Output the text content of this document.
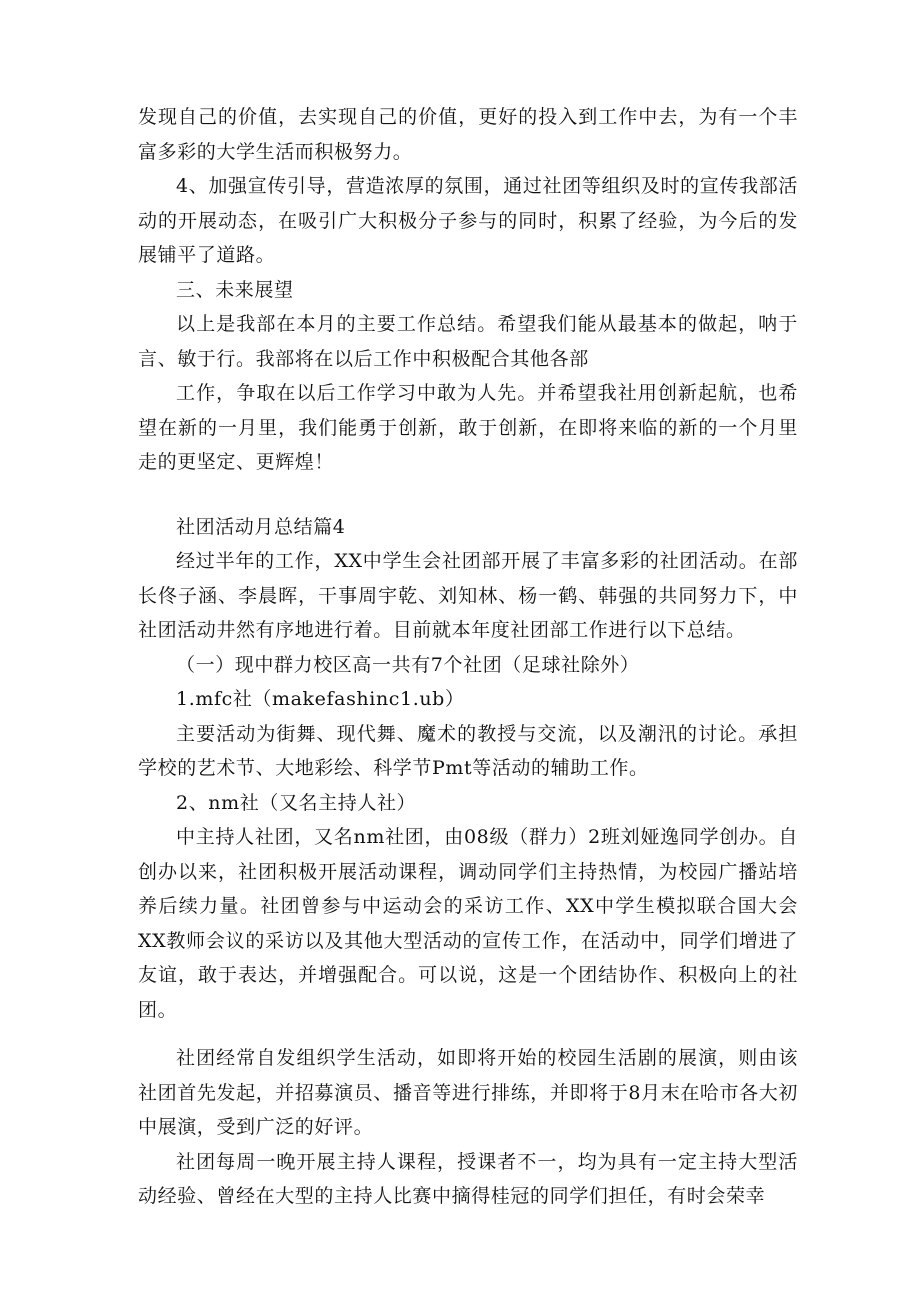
发现自己的价值，去实现自己的价值，更好的投入到工作中去，为有一个丰富多彩的大学生活而积极努力。

4、加强宣传引导，营造浓厚的氛围，通过社团等组织及时的宣传我部活动的开展动态，在吸引广大积极分子参与的同时，积累了经验，为今后的发展铺平了道路。

三、未来展望

以上是我部在本月的主要工作总结。希望我们能从最基本的做起，呐于言、敏于行。我部将在以后工作中积极配合其他各部

工作，争取在以后工作学习中敢为人先。并希望我社用创新起航，也希望在新的一月里，我们能勇于创新，敢于创新，在即将来临的新的一个月里走的更坚定、更辉煌！

社团活动月总结篇4

经过半年的工作，XX中学生会社团部开展了丰富多彩的社团活动。在部长佟子涵、李晨晖，干事周宇乾、刘知林、杨一鹤、韩强的共同努力下，中社团活动井然有序地进行着。目前就本年度社团部工作进行以下总结。

（一）现中群力校区高一共有7个社团（足球社除外）

1.mfc社（makefashinc1.ub）

主要活动为街舞、现代舞、魔术的教授与交流，以及潮汛的讨论。承担学校的艺术节、大地彩绘、科学节Pmt等活动的辅助工作。

2、nm社（又名主持人社）

中主持人社团，又名nm社团，由08级（群力）2班刘娅逸同学创办。自创办以来，社团积极开展活动课程，调动同学们主持热情，为校园广播站培养后续力量。社团曾参与中运动会的采访工作、XX中学生模拟联合国大会XX教师会议的采访以及其他大型活动的宣传工作，在活动中，同学们增进了友谊，敢于表达，并增强配合。可以说，这是一个团结协作、积极向上的社团。

社团经常自发组织学生活动，如即将开始的校园生活剧的展演，则由该社团首先发起，并招募演员、播音等进行排练，并即将于8月末在哈市各大初中展演，受到广泛的好评。

社团每周一晚开展主持人课程，授课者不一，均为具有一定主持大型活动经验、曾经在大型的主持人比赛中摘得桂冠的同学们担任，有时会荣幸
